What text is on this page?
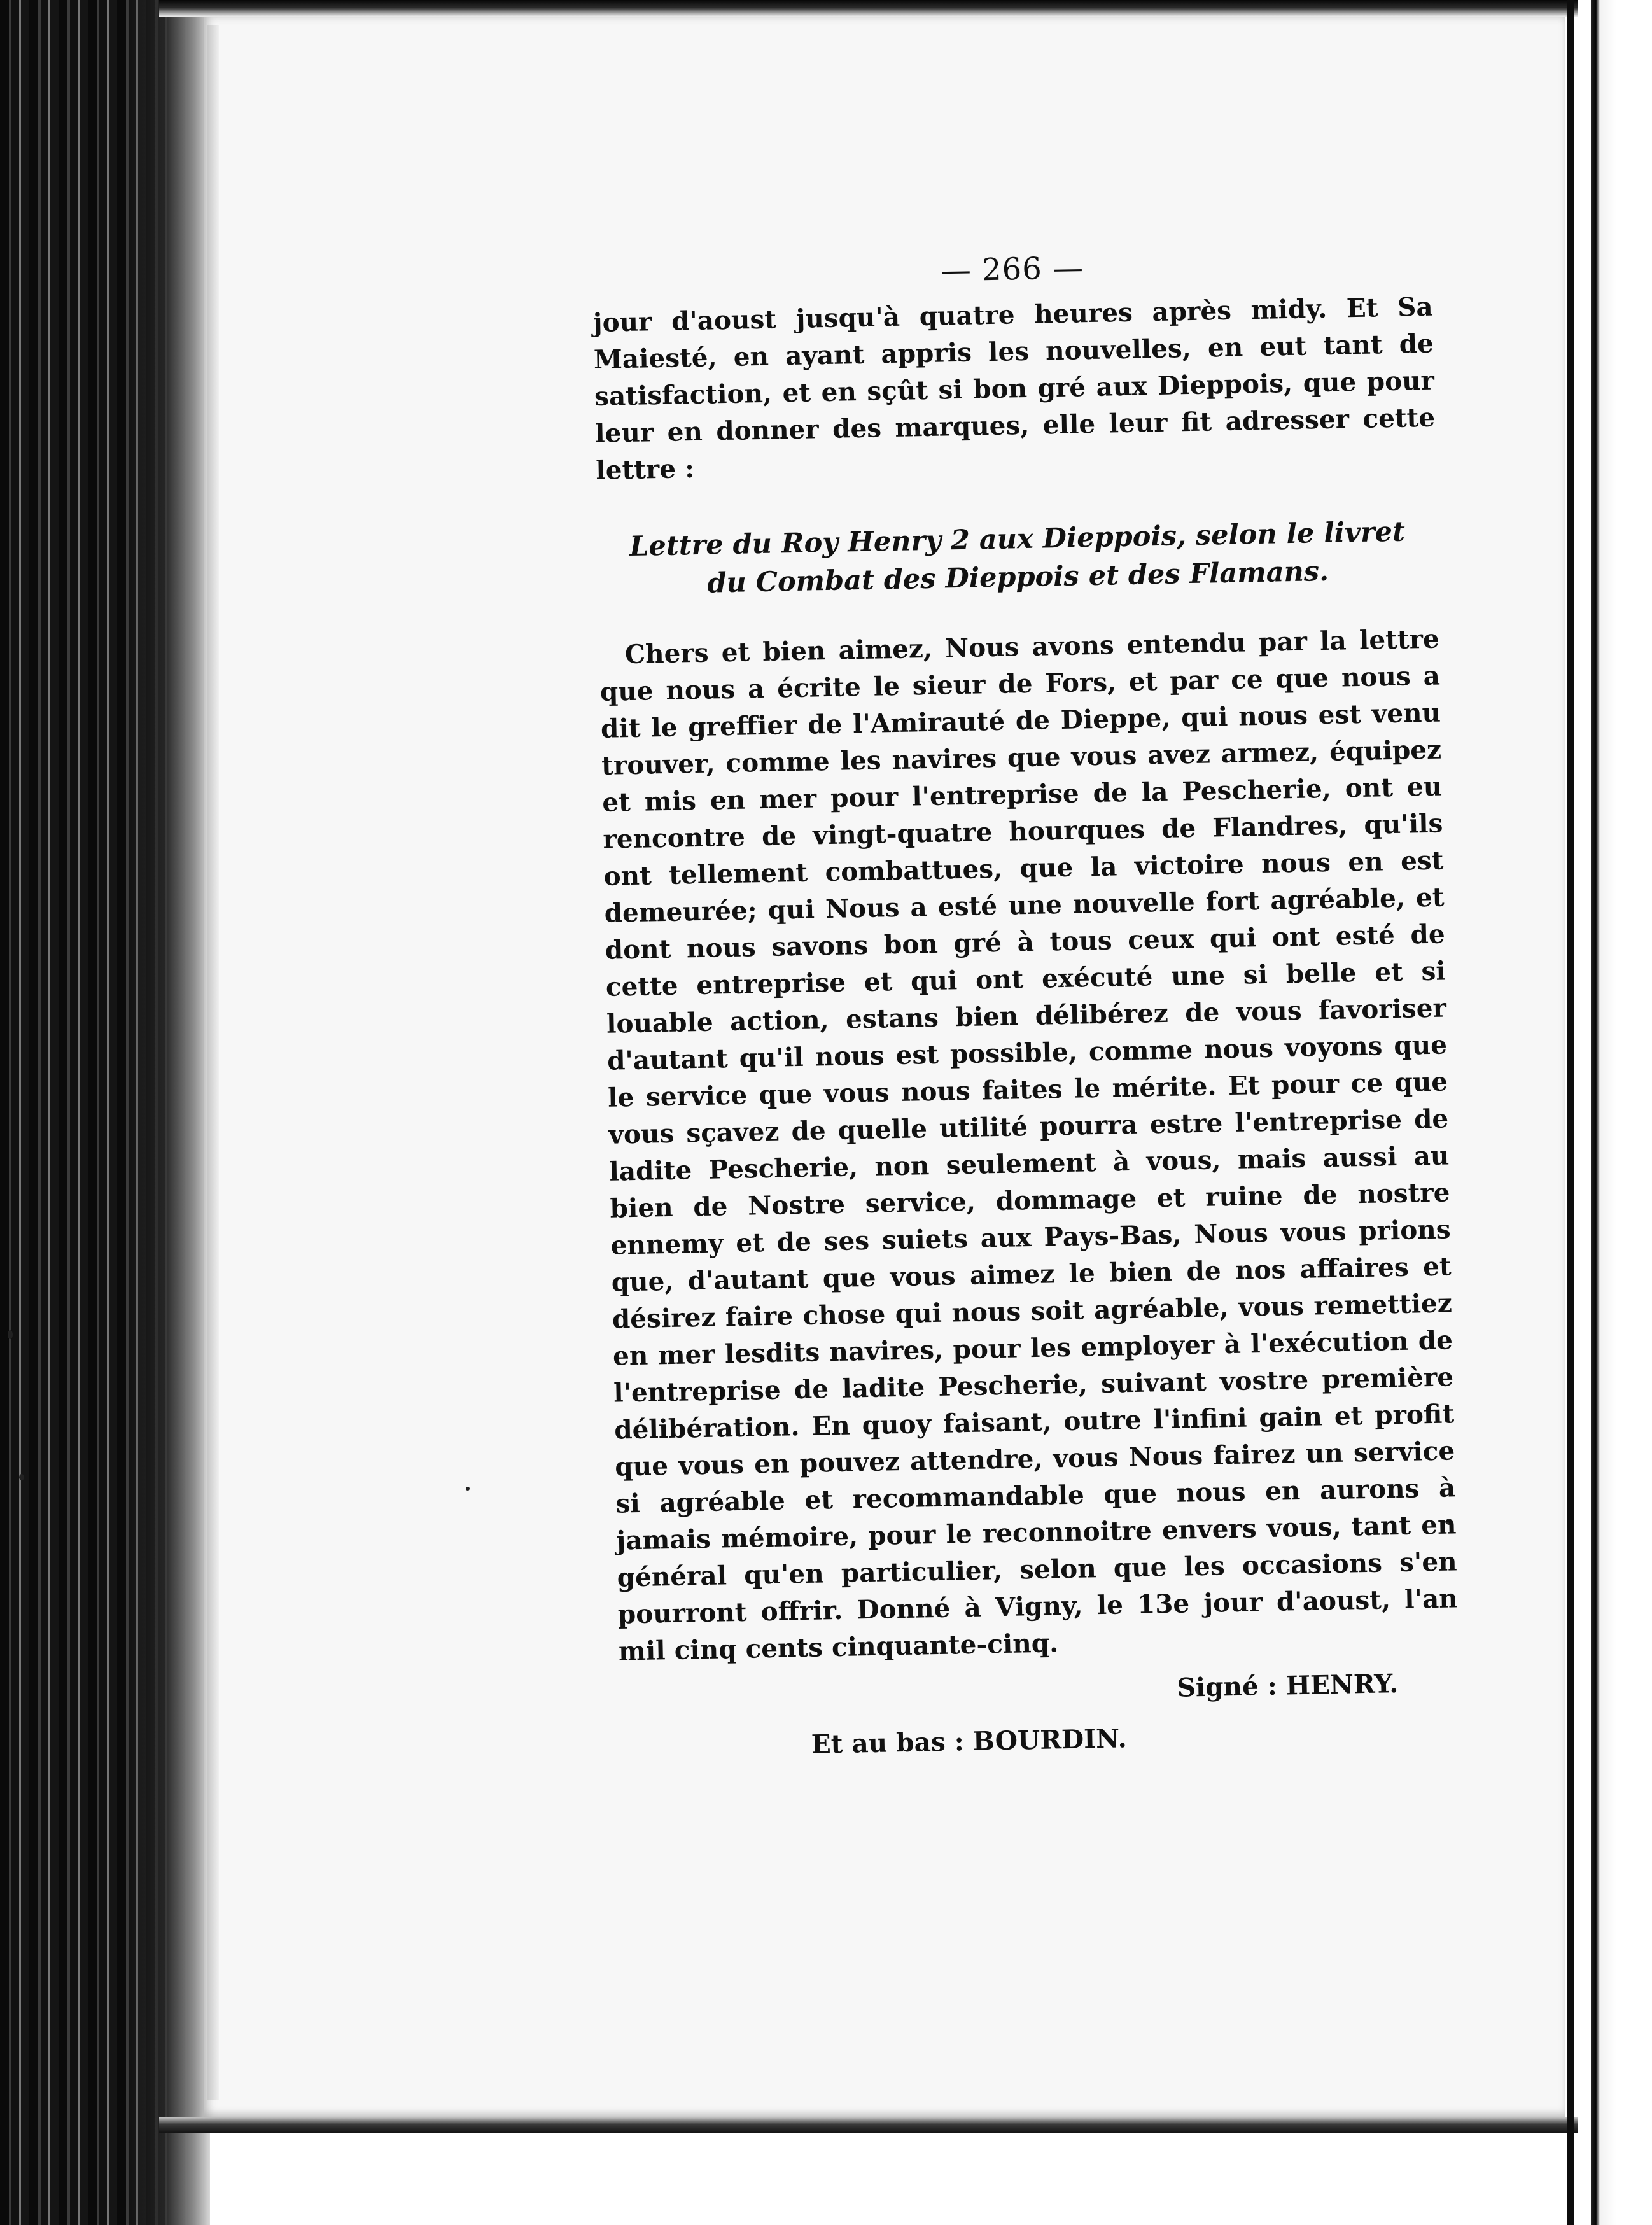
— 266 —

jour d'aoust jusqu'à quatre heures après midy. Et Sa Maiesté, en ayant appris les nouvelles, en eut tant de satisfaction, et en sçût si bon gré aux Dieppois, que pour leur en donner des marques, elle leur fit adresser cette lettre :

Lettre du Roy Henry 2 aux Dieppois, selon le livret
du Combat des Dieppois et des Flamans.

Chers et bien aimez, Nous avons entendu par la lettre que nous a écrite le sieur de Fors, et par ce que nous a dit le greffier de l'Amirauté de Dieppe, qui nous est venu trouver, comme les navires que vous avez armez, équipez et mis en mer pour l'entreprise de la Pescherie, ont eu rencontre de vingt-quatre hourques de Flandres, qu'ils ont tellement combattues, que la victoire nous en est demeurée; qui Nous a esté une nouvelle fort agréable, et dont nous savons bon gré à tous ceux qui ont esté de cette entreprise et qui ont exécuté une si belle et si louable action, estans bien délibérez de vous favoriser d'autant qu'il nous est possible, comme nous voyons que le service que vous nous faites le mérite. Et pour ce que vous sçavez de quelle utilité pourra estre l'entreprise de ladite Pescherie, non seulement à vous, mais aussi au bien de Nostre service, dommage et ruine de nostre ennemy et de ses suiets aux Pays-Bas, Nous vous prions que, d'autant que vous aimez le bien de nos affaires et désirez faire chose qui nous soit agréable, vous remettiez en mer lesdits navires, pour les employer à l'exécution de l'entreprise de ladite Pescherie, suivant vostre première délibération. En quoy faisant, outre l'infini gain et profit que vous en pouvez attendre, vous Nous fairez un service si agréable et recommandable que nous en aurons à jamais mémoire, pour le reconnoitre envers vous, tant en général qu'en particulier, selon que les occasions s'en pourront offrir. Donné à Vigny, le 13e jour d'aoust, l'an mil cinq cents cinquante-cinq.

Signé : HENRY.
Et au bas : BOURDIN.
